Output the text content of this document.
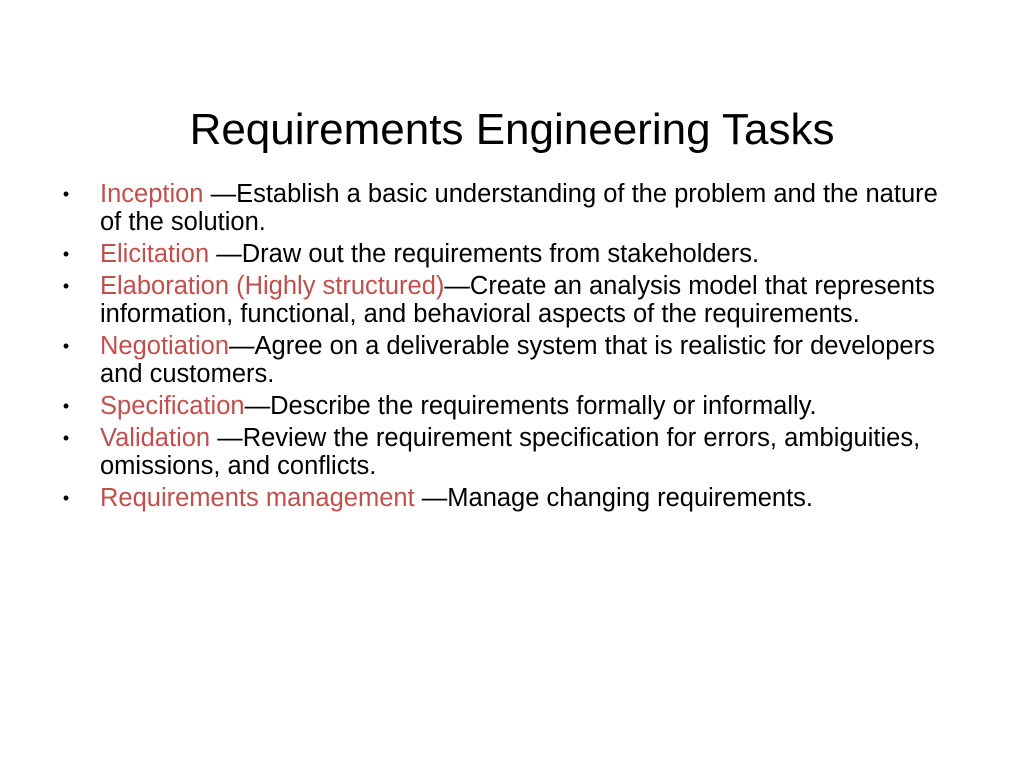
Requirements Engineering Tasks
• Inception —Establish a basic understanding of the problem and the nature of the solution.
• Elicitation —Draw out the requirements from stakeholders.
• Elaboration (Highly structured)—Create an analysis model that represents information, functional, and behavioral aspects of the requirements.
• Negotiation—Agree on a deliverable system that is realistic for developers and customers.
• Specification—Describe the requirements formally or informally.
• Validation —Review the requirement specification for errors, ambiguities, omissions, and conflicts.
• Requirements management —Manage changing requirements.
